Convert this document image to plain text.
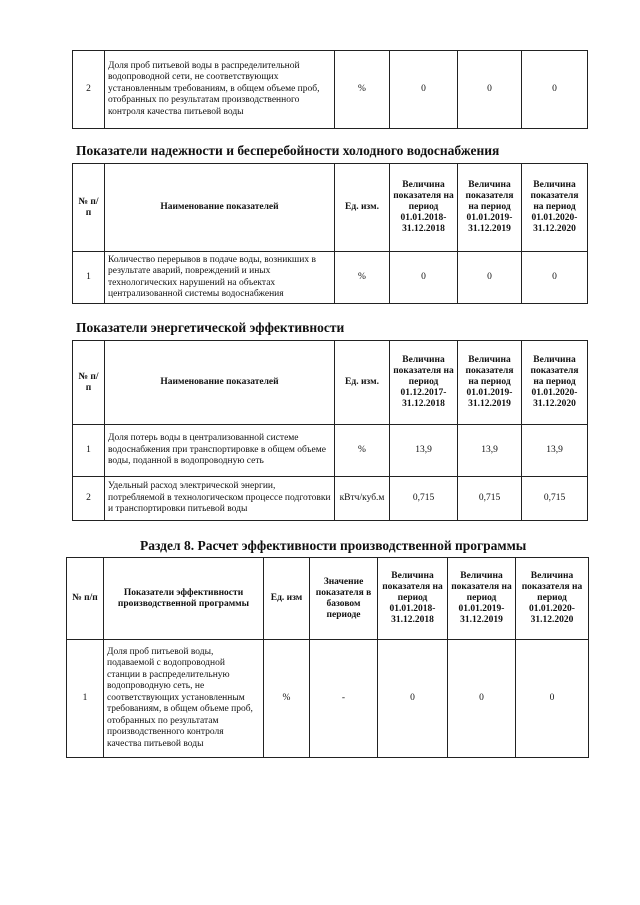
2	Доля проб питьевой воды в распределительной водопроводной сети, не соответствующих установленным требованиям, в общем объеме проб, отобранных по результатам производственного контроля качества питьевой воды	%	0	0	0
Показатели надежности и бесперебойности холодного водоснабжения
№ п/п	Наименование показателей	Ед. изм.	Величина показателя на период 01.01.2018-31.12.2018	Величина показателя на период 01.01.2019-31.12.2019	Величина показателя на период 01.01.2020-31.12.2020
1	Количество перерывов в подаче воды, возникших в результате аварий, повреждений и иных технологических нарушений на объектах централизованной системы водоснабжения	%	0	0	0
Показатели энергетической эффективности
№ п/п	Наименование показателей	Ед. изм.	Величина показателя на период 01.12.2017-31.12.2018	Величина показателя на период 01.01.2019-31.12.2019	Величина показателя на период 01.01.2020-31.12.2020
1	Доля потерь воды в централизованной системе водоснабжения при транспортировке в общем объеме воды, поданной в водопроводную сеть	%	13,9	13,9	13,9
2	Удельный расход электрической энергии, потребляемой в технологическом процессе подготовки и транспортировки питьевой воды	кВтч/куб.м	0,715	0,715	0,715
Раздел 8. Расчет эффективности производственной программы
№ п/п	Показатели эффективности производственной программы	Ед. изм	Значение показателя в базовом периоде	Величина показателя на период 01.01.2018-31.12.2018	Величина показателя на период 01.01.2019-31.12.2019	Величина показателя на период 01.01.2020-31.12.2020
1	Доля проб питьевой воды, подаваемой с водопроводной станции в распределительную водопроводную сеть, не соответствующих установленным требованиям, в общем объеме проб, отобранных по результатам производственного контроля качества питьевой воды	%	-	0	0	0
